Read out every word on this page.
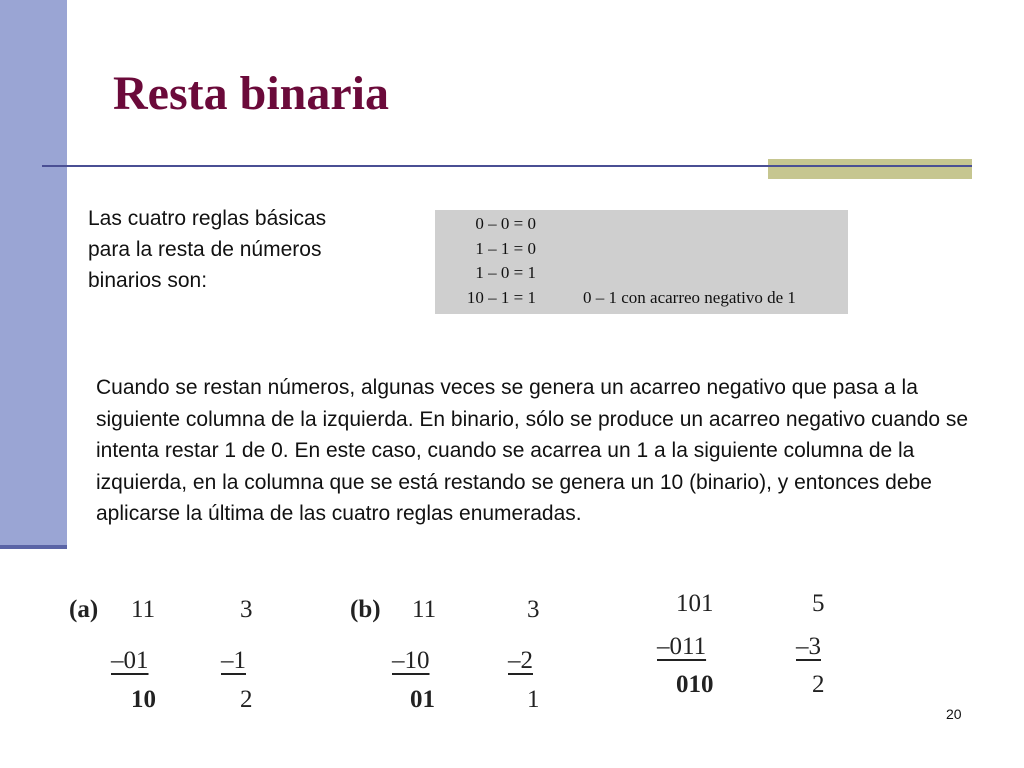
Resta binaria

Las cuatro reglas básicas para la resta de números binarios son:

0 – 0 = 0
1 – 1 = 0
1 – 0 = 1
10 – 1 = 1	0 – 1 con acarreo negativo de 1

Cuando se restan números, algunas veces se genera un acarreo negativo que pasa a la siguiente columna de la izquierda. En binario, sólo se produce un acarreo negativo cuando se intenta restar 1 de 0. En este caso, cuando se acarrea un 1 a la siguiente columna de la izquierda, en la columna que se está restando se genera un 10 (binario), y entonces debe aplicarse la última de las cuatro reglas enumeradas.

(a) 11
–01
10
3
–1
2
(b) 11
–10
01
3
–2
1
101
–011
010
5
–3
2
20
